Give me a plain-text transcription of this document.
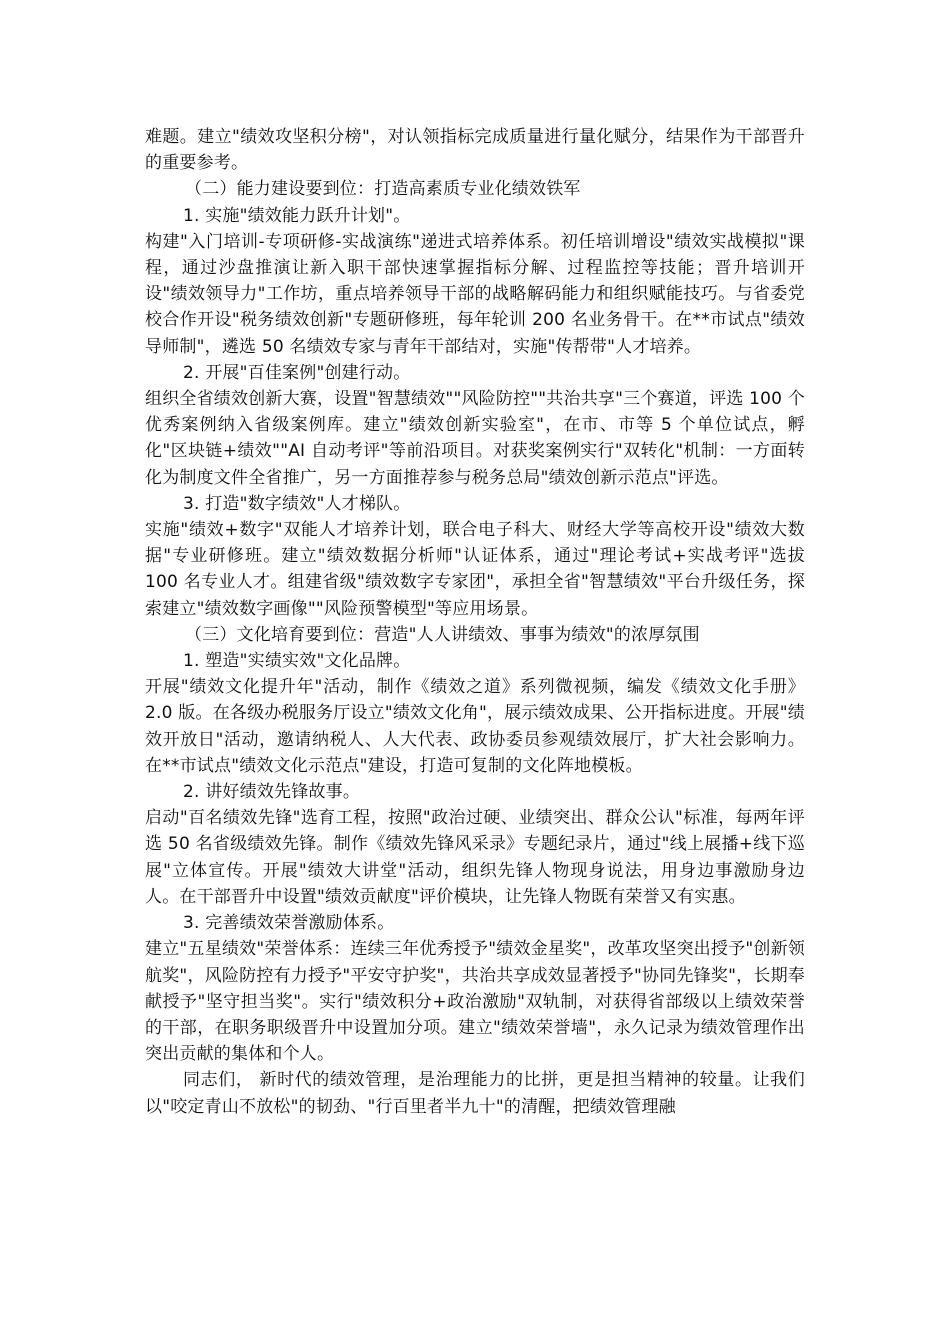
难题。建立"绩效攻坚积分榜"，对认领指标完成质量进行量化赋分，结果作为干部晋升的重要参考。

（二）能力建设要到位：打造高素质专业化绩效铁军

1. 实施"绩效能力跃升计划"。

构建"入门培训-专项研修-实战演练"递进式培养体系。初任培训增设"绩效实战模拟"课程，通过沙盘推演让新入职干部快速掌握指标分解、过程监控等技能；晋升培训开设"绩效领导力"工作坊，重点培养领导干部的战略解码能力和组织赋能技巧。与省委党校合作开设"税务绩效创新"专题研修班，每年轮训 200 名业务骨干。在**市试点"绩效导师制"，遴选 50 名绩效专家与青年干部结对，实施"传帮带"人才培养。

2. 开展"百佳案例"创建行动。

组织全省绩效创新大赛，设置"智慧绩效""风险防控""共治共享"三个赛道，评选 100 个优秀案例纳入省级案例库。建立"绩效创新实验室"，在市、市等 5 个单位试点，孵化"区块链+绩效""AI 自动考评"等前沿项目。对获奖案例实行"双转化"机制：一方面转化为制度文件全省推广，另一方面推荐参与税务总局"绩效创新示范点"评选。

3. 打造"数字绩效"人才梯队。

实施"绩效+数字"双能人才培养计划，联合电子科大、财经大学等高校开设"绩效大数据"专业研修班。建立"绩效数据分析师"认证体系，通过"理论考试+实战考评"选拔 100 名专业人才。组建省级"绩效数字专家团"，承担全省"智慧绩效"平台升级任务，探索建立"绩效数字画像""风险预警模型"等应用场景。

（三）文化培育要到位：营造"人人讲绩效、事事为绩效"的浓厚氛围

1. 塑造"实绩实效"文化品牌。

开展"绩效文化提升年"活动，制作《绩效之道》系列微视频，编发《绩效文化手册》2.0 版。在各级办税服务厅设立"绩效文化角"，展示绩效成果、公开指标进度。开展"绩效开放日"活动，邀请纳税人、人大代表、政协委员参观绩效展厅，扩大社会影响力。在**市试点"绩效文化示范点"建设，打造可复制的文化阵地模板。

2. 讲好绩效先锋故事。

启动"百名绩效先锋"选育工程，按照"政治过硬、业绩突出、群众公认"标准，每两年评选 50 名省级绩效先锋。制作《绩效先锋风采录》专题纪录片，通过"线上展播+线下巡展"立体宣传。开展"绩效大讲堂"活动，组织先锋人物现身说法，用身边事激励身边人。在干部晋升中设置"绩效贡献度"评价模块，让先锋人物既有荣誉又有实惠。

3. 完善绩效荣誉激励体系。

建立"五星绩效"荣誉体系：连续三年优秀授予"绩效金星奖"，改革攻坚突出授予"创新领航奖"，风险防控有力授予"平安守护奖"，共治共享成效显著授予"协同先锋奖"，长期奉献授予"坚守担当奖"。实行"绩效积分+政治激励"双轨制，对获得省部级以上绩效荣誉的干部，在职务职级晋升中设置加分项。建立"绩效荣誉墙"，永久记录为绩效管理作出突出贡献的集体和个人。

同志们， 新时代的绩效管理，是治理能力的比拼，更是担当精神的较量。让我们以"咬定青山不放松"的韧劲、"行百里者半九十"的清醒，把绩效管理融
